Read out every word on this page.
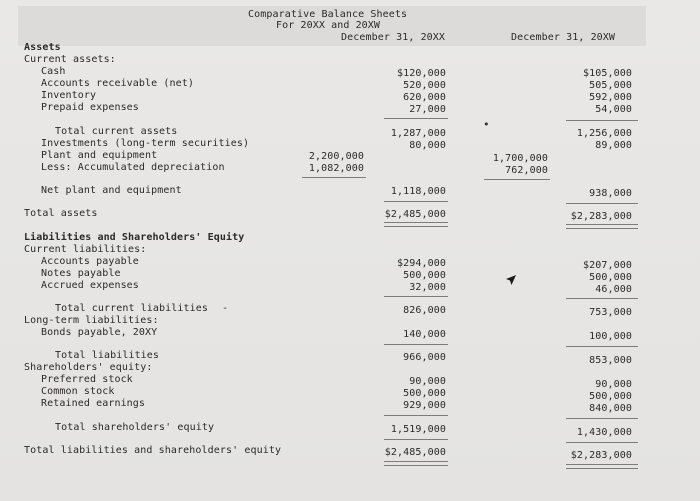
Comparative Balance Sheets
For 20XX and 20XW
December 31, 20XX	December 31, 20XW
Assets
Current assets:
Cash	$120,000	$105,000
Accounts receivable (net)	520,000	505,000
Inventory	620,000	592,000
Prepaid expenses	27,000	54,000
•
Total current assets	1,287,000	1,256,000
Investments (long-term securities)	80,000	89,000
Plant and equipment	2,200,000	1,700,000
Less: Accumulated depreciation	1,082,000	762,000
Net plant and equipment	1,118,000	938,000
Total assets	$2,485,000	$2,283,000
Liabilities and Shareholders' Equity
Current liabilities:
Accounts payable	$294,000	$207,000
Notes payable	500,000	500,000
Accrued expenses	32,000	46,000
Total current liabilities -	826,000	753,000
Long-term liabilities:
Bonds payable, 20XY	140,000	100,000
Total liabilities	966,000	853,000
Shareholders' equity:
Preferred stock	90,000	90,000
Common stock	500,000	500,000
Retained earnings	929,000	840,000
Total shareholders' equity	1,519,000	1,430,000
Total liabilities and shareholders' equity	$2,485,000	$2,283,000
